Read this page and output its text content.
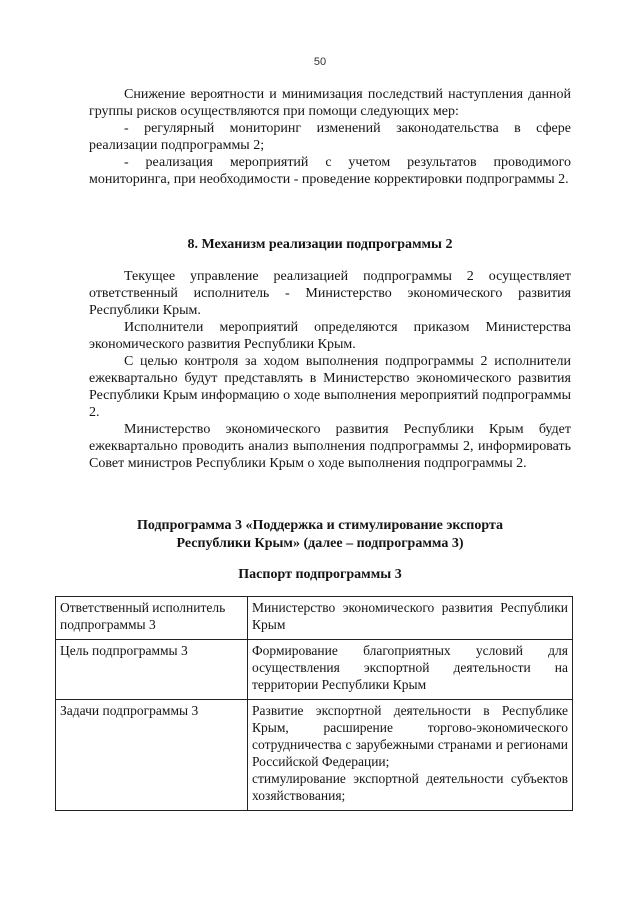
50

Снижение вероятности и минимизация последствий наступления данной группы рисков осуществляются при помощи следующих мер:

- регулярный мониторинг изменений законодательства в сфере реализации подпрограммы 2;

- реализация мероприятий с учетом результатов проводимого мониторинга, при необходимости - проведение корректировки подпрограммы 2.

8. Механизм реализации подпрограммы 2

Текущее управление реализацией подпрограммы 2 осуществляет ответственный исполнитель - Министерство экономического развития Республики Крым.

Исполнители мероприятий определяются приказом Министерства экономического развития Республики Крым.

С целью контроля за ходом выполнения подпрограммы 2 исполнители ежеквартально будут представлять в Министерство экономического развития Республики Крым информацию о ходе выполнения мероприятий подпрограммы 2.

Министерство экономического развития Республики Крым будет ежеквартально проводить анализ выполнения подпрограммы 2, информировать Совет министров Республики Крым о ходе выполнения подпрограммы 2.

Подпрограмма 3 «Поддержка и стимулирование экспорта
Республики Крым» (далее – подпрограмма 3)
Паспорт подпрограммы 3
Ответственный исполнитель подпрограммы 3	Министерство экономического развития Республики Крым

Цель подпрограммы 3	Формирование благоприятных условий для осуществления экспортной деятельности на территории Республики Крым

Задачи подпрограммы 3	Развитие экспортной деятельности в Республике Крым, расширение торгово-экономического сотрудничества с зарубежными странами и регионами Российской Федерации;
стимулирование экспортной деятельности субъектов хозяйствования;
